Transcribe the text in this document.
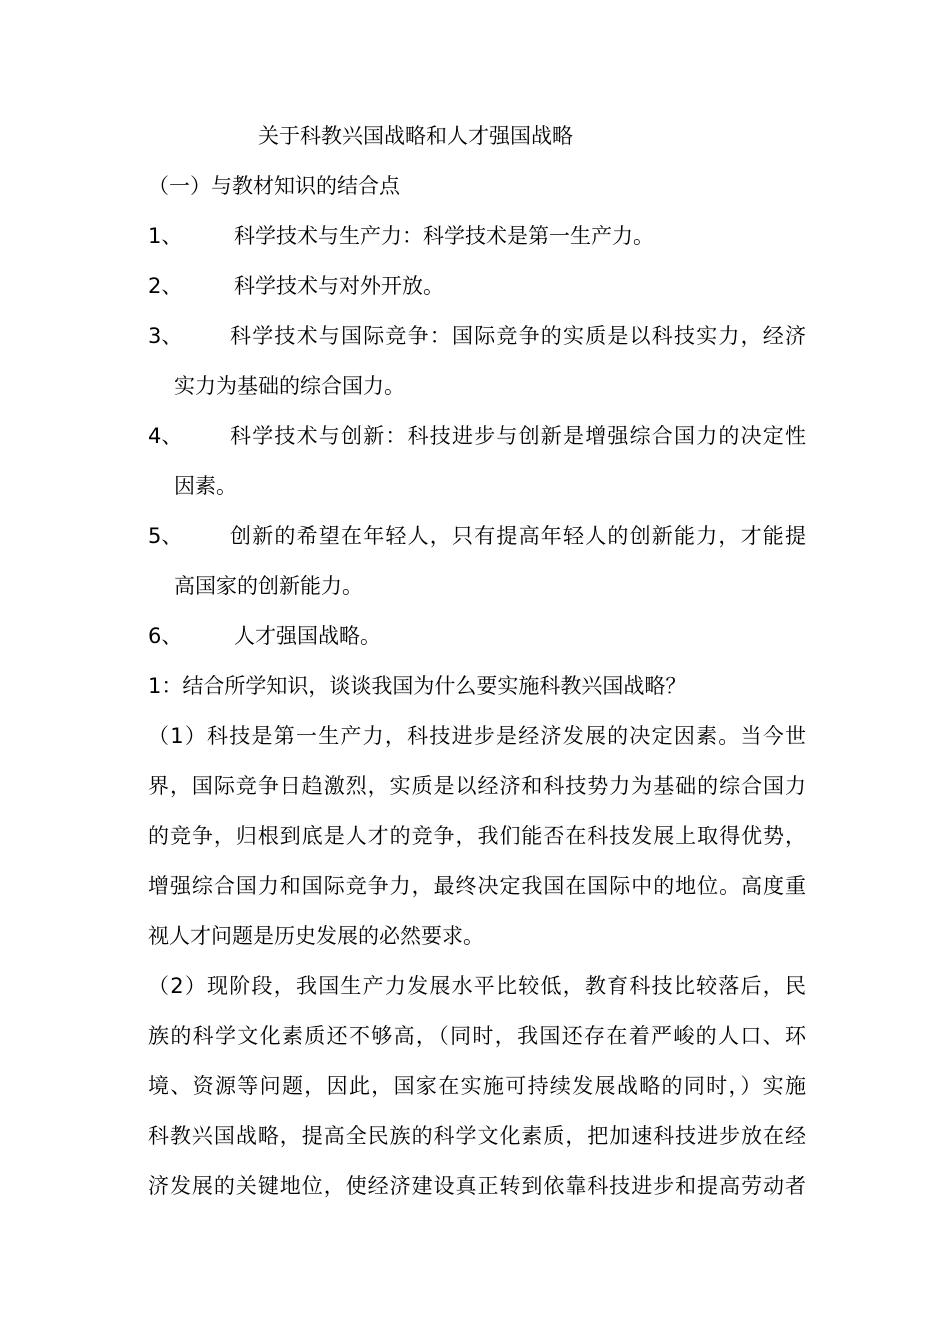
关于科教兴国战略和人才强国战略
（一）与教材知识的结合点
1、 科学技术与生产力：科学技术是第一生产力。
2、 科学技术与对外开放。
3、 科学技术与国际竞争：国际竞争的实质是以科技实力，经济
实力为基础的综合国力。
4、 科学技术与创新：科技进步与创新是增强综合国力的决定性
因素。
5、 创新的希望在年轻人，只有提高年轻人的创新能力，才能提
高国家的创新能力。
6、 人才强国战略。
1：结合所学知识，谈谈我国为什么要实施科教兴国战略？
（1）科技是第一生产力，科技进步是经济发展的决定因素。当今世
界，国际竞争日趋激烈，实质是以经济和科技势力为基础的综合国力
的竞争，归根到底是人才的竞争，我们能否在科技发展上取得优势，
增强综合国力和国际竞争力，最终决定我国在国际中的地位。高度重
视人才问题是历史发展的必然要求。
（2）现阶段，我国生产力发展水平比较低，教育科技比较落后，民
族的科学文化素质还不够高，（同时，我国还存在着严峻的人口、环
境、资源等问题，因此，国家在实施可持续发展战略的同时，）实施
科教兴国战略，提高全民族的科学文化素质，把加速科技进步放在经
济发展的关键地位，使经济建设真正转到依靠科技进步和提高劳动者
